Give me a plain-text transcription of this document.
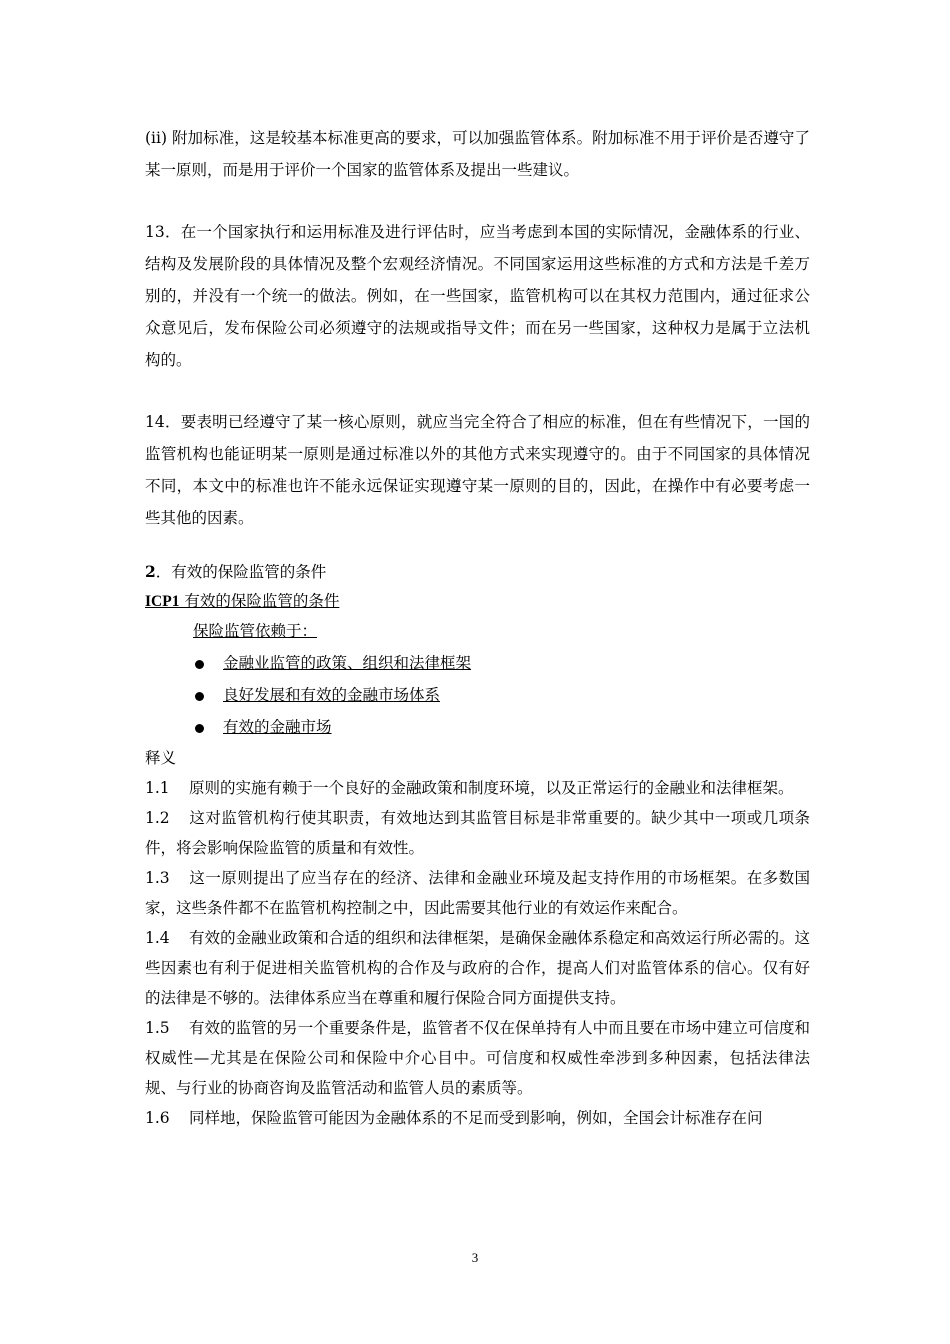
(ii) 附加标准，这是较基本标准更高的要求，可以加强监管体系。附加标准不用于评价是否遵守了某一原则，而是用于评价一个国家的监管体系及提出一些建议。

13．在一个国家执行和运用标准及进行评估时，应当考虑到本国的实际情况，金融体系的行业、结构及发展阶段的具体情况及整个宏观经济情况。不同国家运用这些标准的方式和方法是千差万别的，并没有一个统一的做法。例如，在一些国家，监管机构可以在其权力范围内，通过征求公众意见后，发布保险公司必须遵守的法规或指导文件；而在另一些国家，这种权力是属于立法机构的。

14．要表明已经遵守了某一核心原则，就应当完全符合了相应的标准，但在有些情况下，一国的监管机构也能证明某一原则是通过标准以外的其他方式来实现遵守的。由于不同国家的具体情况不同，本文中的标准也许不能永远保证实现遵守某一原则的目的，因此，在操作中有必要考虑一些其他的因素。

2．有效的保险监管的条件

ICP1 有效的保险监管的条件

保险监管依赖于：

金融业监管的政策、组织和法律框架
良好发展和有效的金融市场体系
有效的金融市场

释义

1.1 原则的实施有赖于一个良好的金融政策和制度环境，以及正常运行的金融业和法律框架。

1.2 这对监管机构行使其职责，有效地达到其监管目标是非常重要的。缺少其中一项或几项条件，将会影响保险监管的质量和有效性。

1.3 这一原则提出了应当存在的经济、法律和金融业环境及起支持作用的市场框架。在多数国家，这些条件都不在监管机构控制之中，因此需要其他行业的有效运作来配合。

1.4 有效的金融业政策和合适的组织和法律框架，是确保金融体系稳定和高效运行所必需的。这些因素也有利于促进相关监管机构的合作及与政府的合作，提高人们对监管体系的信心。仅有好的法律是不够的。法律体系应当在尊重和履行保险合同方面提供支持。

1.5 有效的监管的另一个重要条件是，监管者不仅在保单持有人中而且要在市场中建立可信度和权威性—尤其是在保险公司和保险中介心目中。可信度和权威性牵涉到多种因素，包括法律法规、与行业的协商咨询及监管活动和监管人员的素质等。

1.6 同样地，保险监管可能因为金融体系的不足而受到影响，例如，全国会计标准存在问

3
